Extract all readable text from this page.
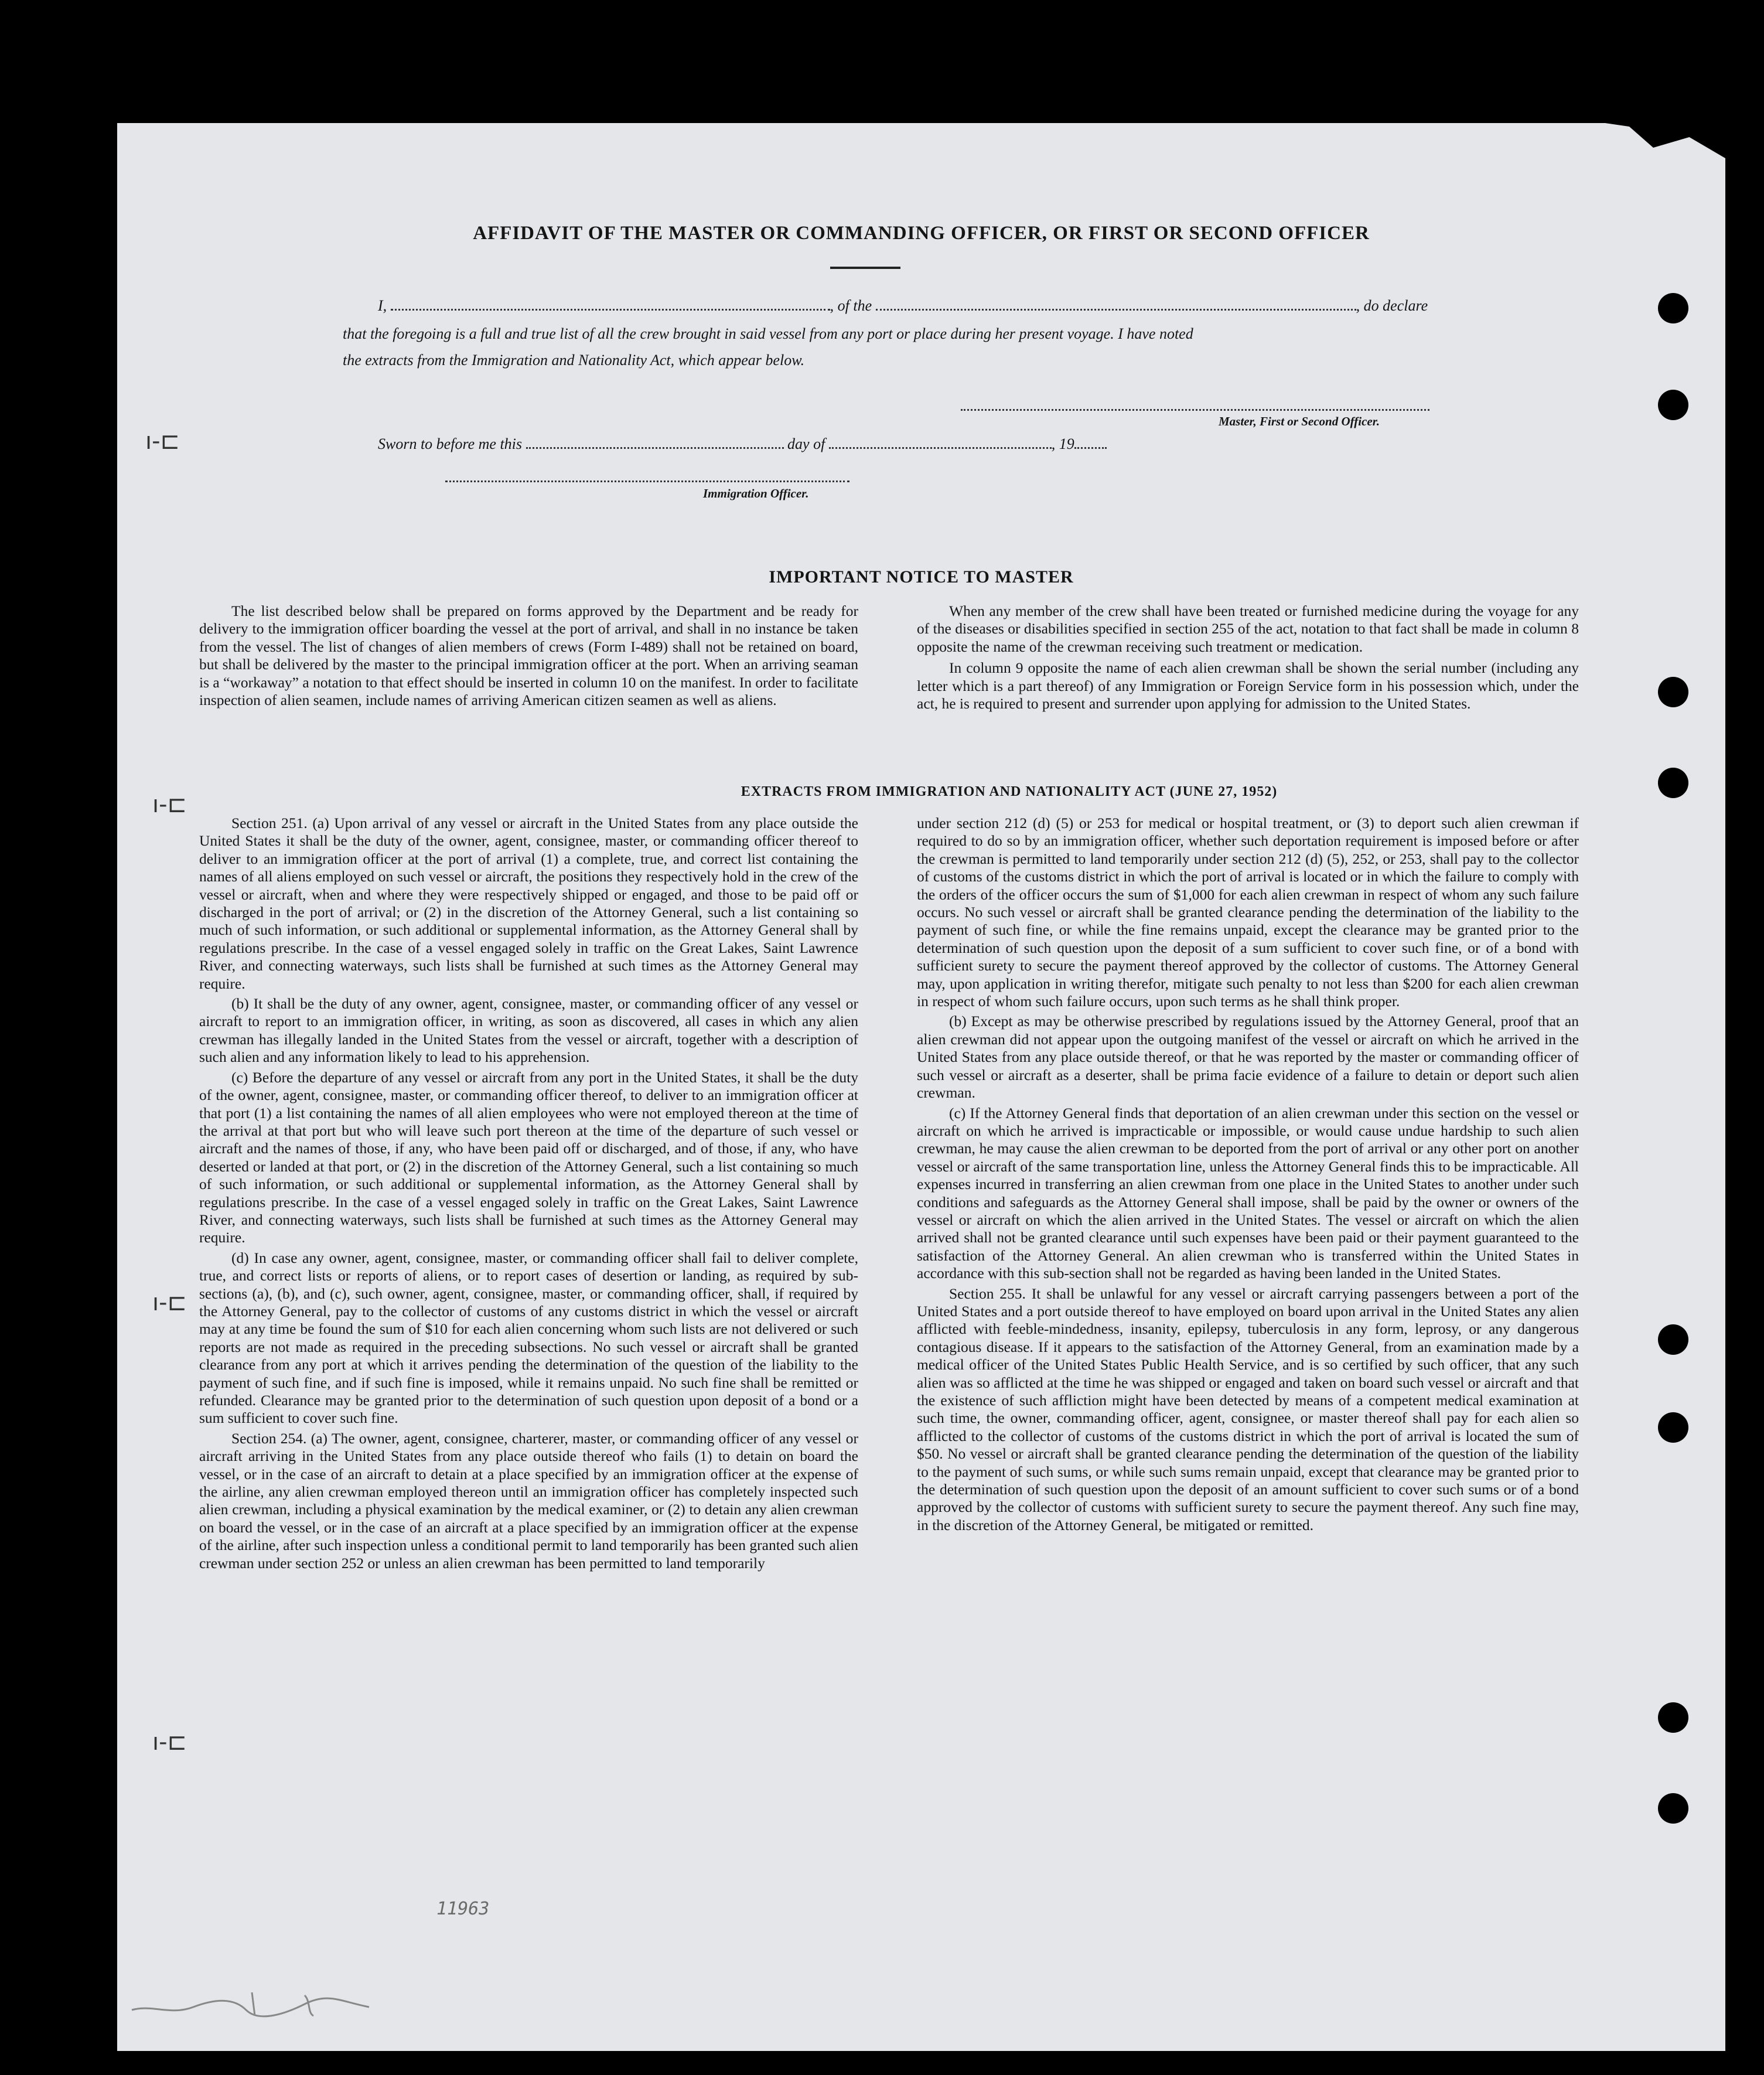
AFFIDAVIT OF THE MASTER OR COMMANDING OFFICER, OR FIRST OR SECOND OFFICER
I,	, of the	, do declare
that the foregoing is a full and true list of all the crew brought in said vessel from any port or place during her present voyage. I have noted
the extracts from the Immigration and Nationality Act, which appear below.
Master, First or Second Officer.
Sworn to before me this	day of	, 19
Immigration Officer.
IMPORTANT NOTICE TO MASTER

The list described below shall be prepared on forms approved by the Department and be ready for delivery to the immigration officer boarding the vessel at the port of arrival, and shall in no instance be taken from the vessel. The list of changes of alien members of crews (Form I-489) shall not be retained on board, but shall be delivered by the master to the principal immigration officer at the port. When an arriving seaman is a “workaway” a notation to that effect should be inserted in column 10 on the manifest. In order to facilitate inspection of alien seamen, include names of arriving American citizen seamen as well as aliens.

When any member of the crew shall have been treated or furnished medicine during the voyage for any of the diseases or disabilities specified in section 255 of the act, notation to that fact shall be made in column 8 opposite the name of the crewman receiving such treatment or medication.

In column 9 opposite the name of each alien crewman shall be shown the serial number (including any letter which is a part thereof) of any Immigration or Foreign Service form in his possession which, under the act, he is required to present and surrender upon applying for admission to the United States.

EXTRACTS FROM IMMIGRATION AND NATIONALITY ACT (JUNE 27, 1952)

Section 251. (a) Upon arrival of any vessel or aircraft in the United States from any place outside the United States it shall be the duty of the owner, agent, consignee, master, or commanding officer thereof to deliver to an immigration officer at the port of arrival (1) a complete, true, and correct list containing the names of all aliens employed on such vessel or aircraft, the positions they respectively hold in the crew of the vessel or aircraft, when and where they were respectively shipped or engaged, and those to be paid off or discharged in the port of arrival; or (2) in the discretion of the Attorney General, such a list containing so much of such information, or such additional or supplemental information, as the Attorney General shall by regulations prescribe. In the case of a vessel engaged solely in traffic on the Great Lakes, Saint Lawrence River, and connecting waterways, such lists shall be furnished at such times as the Attorney General may require.

(b) It shall be the duty of any owner, agent, consignee, master, or commanding officer of any vessel or aircraft to report to an immigration officer, in writing, as soon as discovered, all cases in which any alien crewman has illegally landed in the United States from the vessel or aircraft, together with a description of such alien and any information likely to lead to his apprehension.

(c) Before the departure of any vessel or aircraft from any port in the United States, it shall be the duty of the owner, agent, consignee, master, or commanding officer thereof, to deliver to an immigration officer at that port (1) a list containing the names of all alien employees who were not employed thereon at the time of the arrival at that port but who will leave such port thereon at the time of the departure of such vessel or aircraft and the names of those, if any, who have been paid off or discharged, and of those, if any, who have deserted or landed at that port, or (2) in the discretion of the Attorney General, such a list containing so much of such information, or such additional or supplemental information, as the Attorney General shall by regulations prescribe. In the case of a vessel engaged solely in traffic on the Great Lakes, Saint Lawrence River, and connecting waterways, such lists shall be furnished at such times as the Attorney General may require.

(d) In case any owner, agent, consignee, master, or commanding officer shall fail to deliver complete, true, and correct lists or reports of aliens, or to report cases of desertion or landing, as required by sub-sections (a), (b), and (c), such owner, agent, consignee, master, or commanding officer, shall, if required by the Attorney General, pay to the collector of customs of any customs district in which the vessel or aircraft may at any time be found the sum of $10 for each alien concerning whom such lists are not delivered or such reports are not made as required in the preceding subsections. No such vessel or aircraft shall be granted clearance from any port at which it arrives pending the determination of the question of the liability to the payment of such fine, and if such fine is imposed, while it remains unpaid. No such fine shall be remitted or refunded. Clearance may be granted prior to the determination of such question upon deposit of a bond or a sum sufficient to cover such fine.

Section 254. (a) The owner, agent, consignee, charterer, master, or commanding officer of any vessel or aircraft arriving in the United States from any place outside thereof who fails (1) to detain on board the vessel, or in the case of an aircraft to detain at a place specified by an immigration officer at the expense of the airline, any alien crewman employed thereon until an immigration officer has completely inspected such alien crewman, including a physical examination by the medical examiner, or (2) to detain any alien crewman on board the vessel, or in the case of an aircraft at a place specified by an immigration officer at the expense of the airline, after such inspection unless a conditional permit to land temporarily has been granted such alien crewman under section 252 or unless an alien crewman has been permitted to land temporarily

under section 212 (d) (5) or 253 for medical or hospital treatment, or (3) to deport such alien crewman if required to do so by an immigration officer, whether such deportation requirement is imposed before or after the crewman is permitted to land temporarily under section 212 (d) (5), 252, or 253, shall pay to the collector of customs of the customs district in which the port of arrival is located or in which the failure to comply with the orders of the officer occurs the sum of $1,000 for each alien crewman in respect of whom any such failure occurs. No such vessel or aircraft shall be granted clearance pending the determination of the liability to the payment of such fine, or while the fine remains unpaid, except the clearance may be granted prior to the determination of such question upon the deposit of a sum sufficient to cover such fine, or of a bond with sufficient surety to secure the payment thereof approved by the collector of customs. The Attorney General may, upon application in writing therefor, mitigate such penalty to not less than $200 for each alien crewman in respect of whom such failure occurs, upon such terms as he shall think proper.

(b) Except as may be otherwise prescribed by regulations issued by the Attorney General, proof that an alien crewman did not appear upon the outgoing manifest of the vessel or aircraft on which he arrived in the United States from any place outside thereof, or that he was reported by the master or commanding officer of such vessel or aircraft as a deserter, shall be prima facie evidence of a failure to detain or deport such alien crewman.

(c) If the Attorney General finds that deportation of an alien crewman under this section on the vessel or aircraft on which he arrived is impracticable or impossible, or would cause undue hardship to such alien crewman, he may cause the alien crewman to be deported from the port of arrival or any other port on another vessel or aircraft of the same transportation line, unless the Attorney General finds this to be impracticable. All expenses incurred in transferring an alien crewman from one place in the United States to another under such conditions and safeguards as the Attorney General shall impose, shall be paid by the owner or owners of the vessel or aircraft on which the alien arrived in the United States. The vessel or aircraft on which the alien arrived shall not be granted clearance until such expenses have been paid or their payment guaranteed to the satisfaction of the Attorney General. An alien crewman who is transferred within the United States in accordance with this sub-section shall not be regarded as having been landed in the United States.

Section 255. It shall be unlawful for any vessel or aircraft carrying passengers between a port of the United States and a port outside thereof to have employed on board upon arrival in the United States any alien afflicted with feeble-mindedness, insanity, epilepsy, tuberculosis in any form, leprosy, or any dangerous contagious disease. If it appears to the satisfaction of the Attorney General, from an examination made by a medical officer of the United States Public Health Service, and is so certified by such officer, that any such alien was so afflicted at the time he was shipped or engaged and taken on board such vessel or aircraft and that the existence of such affliction might have been detected by means of a competent medical examination at such time, the owner, commanding officer, agent, consignee, or master thereof shall pay for each alien so afflicted to the collector of customs of the customs district in which the port of arrival is located the sum of $50. No vessel or aircraft shall be granted clearance pending the determination of the question of the liability to the payment of such sums, or while such sums remain unpaid, except that clearance may be granted prior to the determination of such question upon the deposit of an amount sufficient to cover such sums or of a bond approved by the collector of customs with sufficient surety to secure the payment thereof. Any such fine may, in the discretion of the Attorney General, be mitigated or remitted.

ı-⊏
ı-⊏
ı-⊏
ı-⊏
11963
